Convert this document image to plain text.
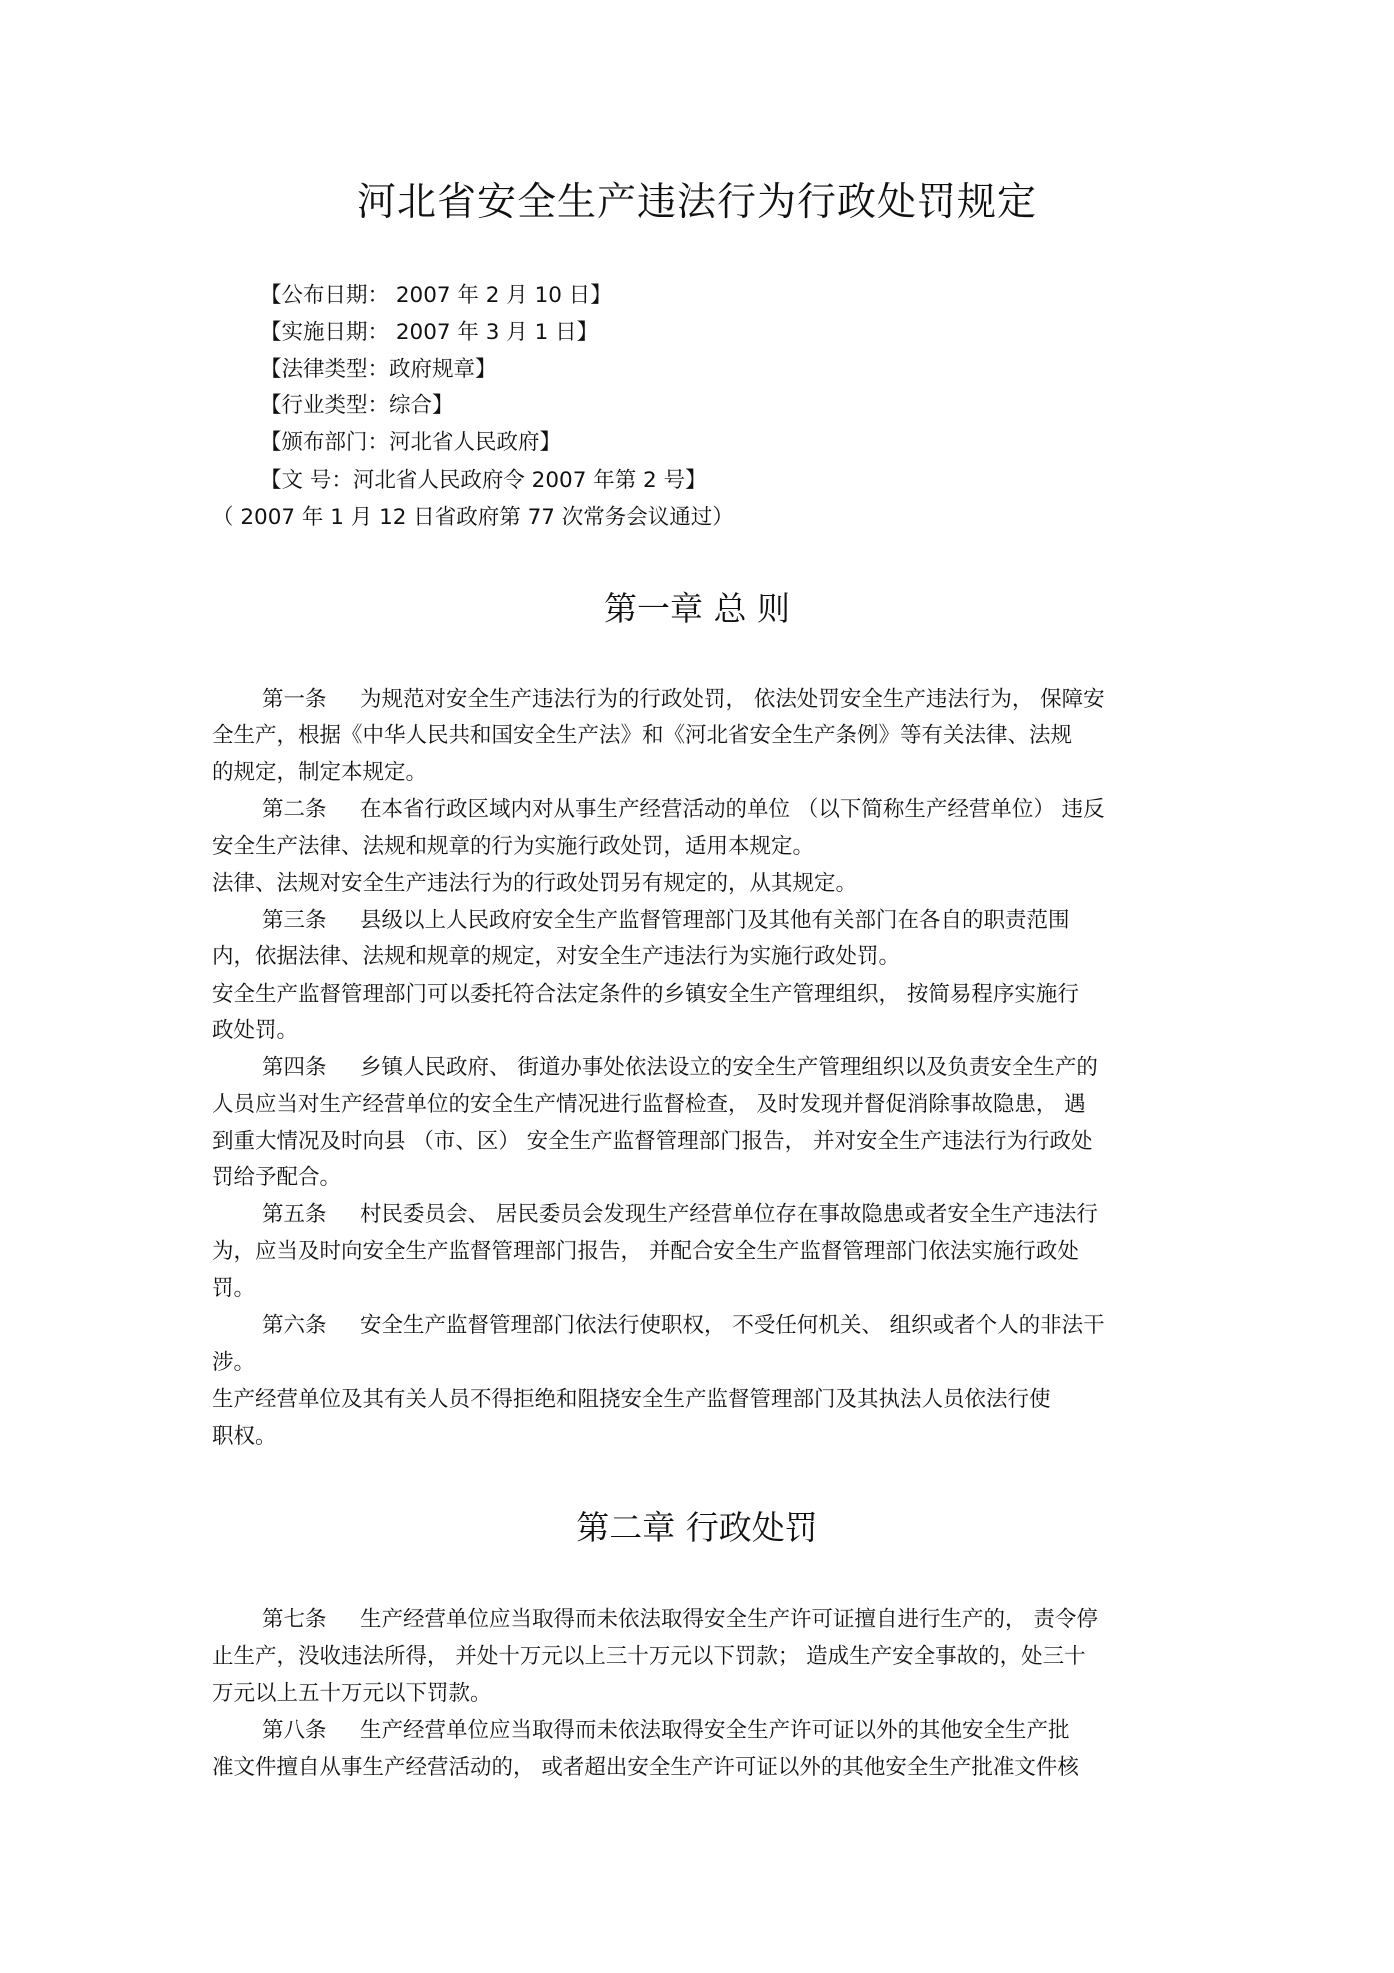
河北省安全生产违法行为行政处罚规定
【公布日期： 2007 年 2 月 10 日】
【实施日期： 2007 年 3 月 1 日】
【法律类型：政府规章】
【行业类型：综合】
【颁布部门：河北省人民政府】
【文 号：河北省人民政府令 2007 年第 2 号】
（ 2007 年 1 月 12 日省政府第 77 次常务会议通过）
第一章 总 则
第一条 为规范对安全生产违法行为的行政处罚， 依法处罚安全生产违法行为， 保障安
全生产，根据《中华人民共和国安全生产法》和《河北省安全生产条例》等有关法律、法规
的规定，制定本规定。
第二条 在本省行政区域内对从事生产经营活动的单位 （以下简称生产经营单位） 违反
安全生产法律、法规和规章的行为实施行政处罚，适用本规定。
法律、法规对安全生产违法行为的行政处罚另有规定的，从其规定。
第三条 县级以上人民政府安全生产监督管理部门及其他有关部门在各自的职责范围
内，依据法律、法规和规章的规定，对安全生产违法行为实施行政处罚。
安全生产监督管理部门可以委托符合法定条件的乡镇安全生产管理组织， 按简易程序实施行
政处罚。
第四条 乡镇人民政府、 街道办事处依法设立的安全生产管理组织以及负责安全生产的
人员应当对生产经营单位的安全生产情况进行监督检查， 及时发现并督促消除事故隐患， 遇
到重大情况及时向县 （市、区） 安全生产监督管理部门报告， 并对安全生产违法行为行政处
罚给予配合。
第五条 村民委员会、 居民委员会发现生产经营单位存在事故隐患或者安全生产违法行
为，应当及时向安全生产监督管理部门报告， 并配合安全生产监督管理部门依法实施行政处
罚。
第六条 安全生产监督管理部门依法行使职权， 不受任何机关、 组织或者个人的非法干
涉。
生产经营单位及其有关人员不得拒绝和阻挠安全生产监督管理部门及其执法人员依法行使
职权。
第二章 行政处罚
第七条 生产经营单位应当取得而未依法取得安全生产许可证擅自进行生产的， 责令停
止生产，没收违法所得， 并处十万元以上三十万元以下罚款； 造成生产安全事故的，处三十
万元以上五十万元以下罚款。
第八条 生产经营单位应当取得而未依法取得安全生产许可证以外的其他安全生产批
准文件擅自从事生产经营活动的， 或者超出安全生产许可证以外的其他安全生产批准文件核
